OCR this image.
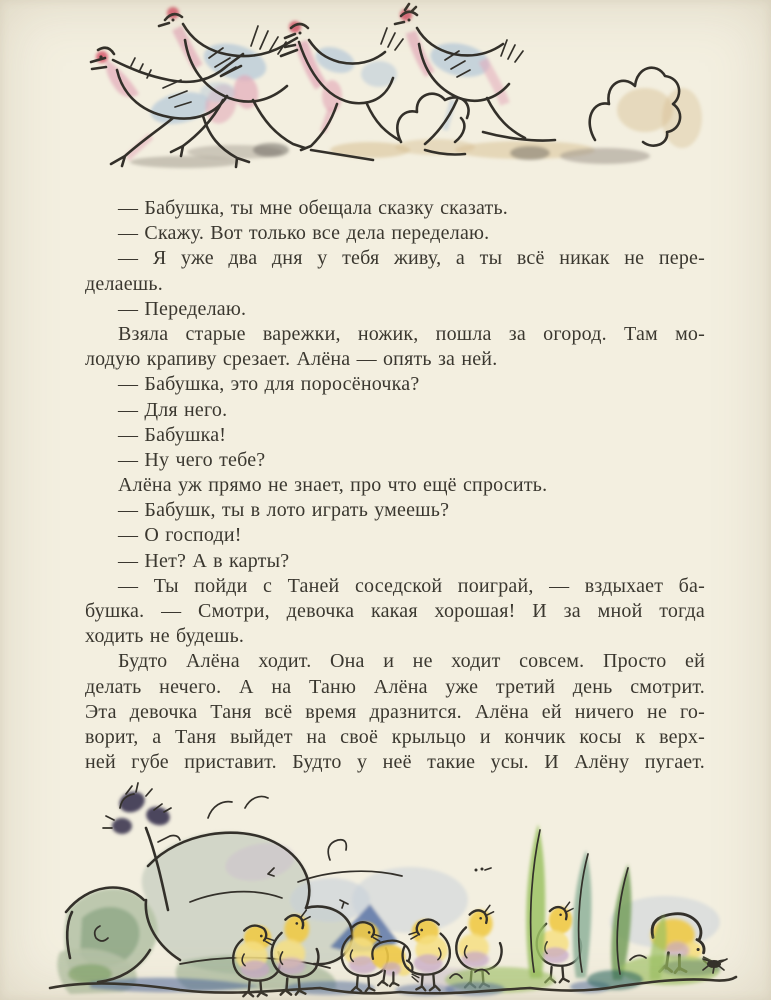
— Бабушка, ты мне обещала сказку сказать.
— Скажу. Вот только все дела переделаю.
— Я уже два дня у тебя живу, а ты всё никак не пере-
делаешь.
— Переделаю.
Взяла старые варежки, ножик, пошла за огород. Там мо-
лодую крапиву срезает. Алёна — опять за ней.
— Бабушка, это для поросёночка?
— Для него.
— Бабушка!
— Ну чего тебе?
Алёна уж прямо не знает, про что ещё спросить.
— Бабушк, ты в лото играть умеешь?
— О господи!
— Нет? А в карты?
— Ты пойди с Таней соседской поиграй, — вздыхает ба-
бушка. — Смотри, девочка какая хорошая! И за мной тогда
ходить не будешь.
Будто Алёна ходит. Она и не ходит совсем. Просто ей
делать нечего. А на Таню Алёна уже третий день смотрит.
Эта девочка Таня всё время дразнится. Алёна ей ничего не го-
ворит, а Таня выйдет на своё крыльцо и кончик косы к верх-
ней губе приставит. Будто у неё такие усы. И Алёну пугает.
